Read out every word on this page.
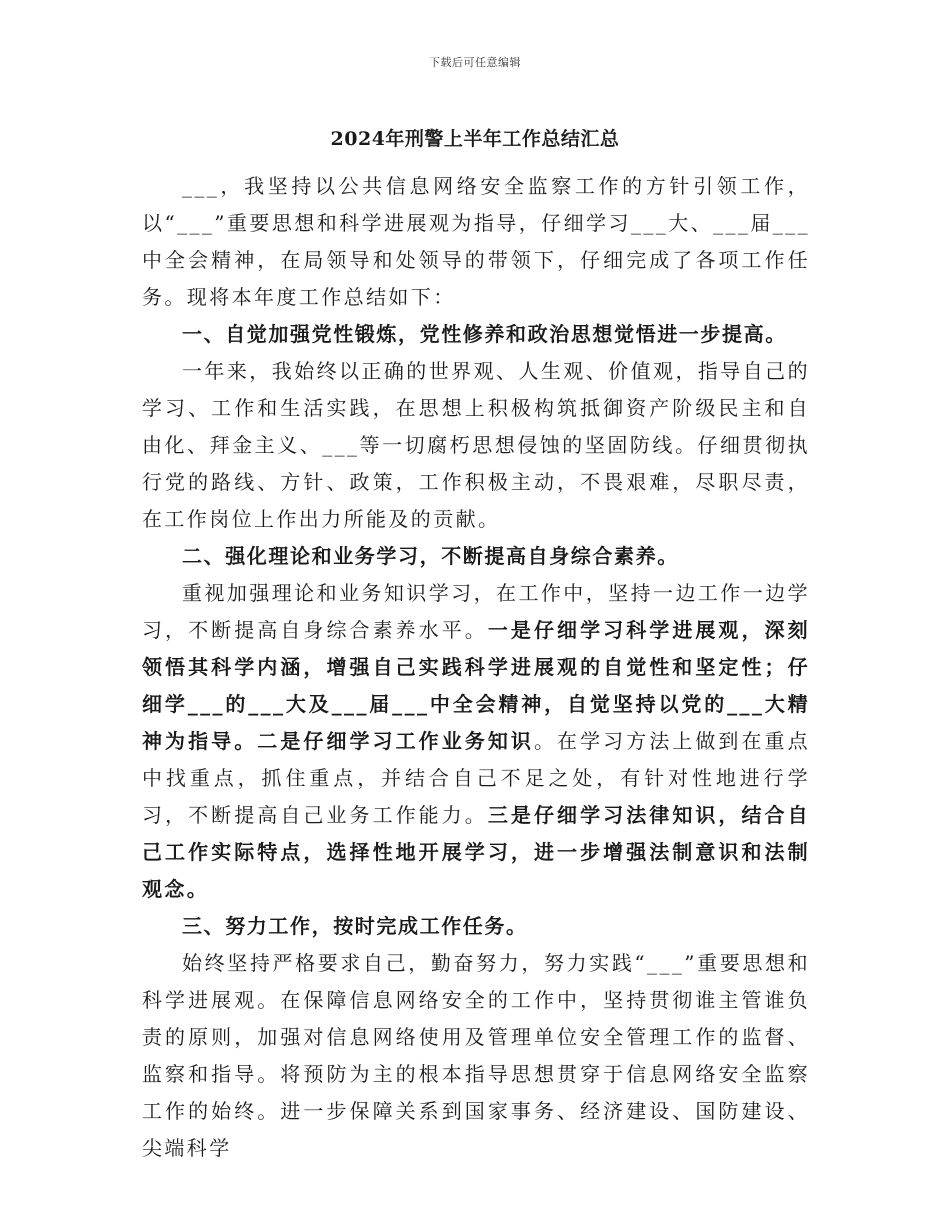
下载后可任意编辑
2024年刑警上半年工作总结汇总

___，我坚持以公共信息网络安全监察工作的方针引领工作，以“___”重要思想和科学进展观为指导，仔细学习___大、___届___中全会精神，在局领导和处领导的带领下，仔细完成了各项工作任务。现将本年度工作总结如下：

一、自觉加强党性锻炼，党性修养和政治思想觉悟进一步提高。

一年来，我始终以正确的世界观、人生观、价值观，指导自己的学习、工作和生活实践，在思想上积极构筑抵御资产阶级民主和自由化、拜金主义、___等一切腐朽思想侵蚀的坚固防线。仔细贯彻执行党的路线、方针、政策，工作积极主动，不畏艰难，尽职尽责，在工作岗位上作出力所能及的贡献。

二、强化理论和业务学习，不断提高自身综合素养。

重视加强理论和业务知识学习，在工作中，坚持一边工作一边学习，不断提高自身综合素养水平。一是仔细学习科学进展观，深刻领悟其科学内涵，增强自己实践科学进展观的自觉性和坚定性；仔细学___的___大及___届___中全会精神，自觉坚持以党的___大精神为指导。二是仔细学习工作业务知识。在学习方法上做到在重点中找重点，抓住重点，并结合自己不足之处，有针对性地进行学习，不断提高自己业务工作能力。三是仔细学习法律知识，结合自己工作实际特点，选择性地开展学习，进一步增强法制意识和法制观念。

三、努力工作，按时完成工作任务。

始终坚持严格要求自己，勤奋努力，努力实践“___”重要思想和科学进展观。在保障信息网络安全的工作中，坚持贯彻谁主管谁负责的原则，加强对信息网络使用及管理单位安全管理工作的监督、监察和指导。将预防为主的根本指导思想贯穿于信息网络安全监察工作的始终。进一步保障关系到国家事务、经济建设、国防建设、尖端科学
